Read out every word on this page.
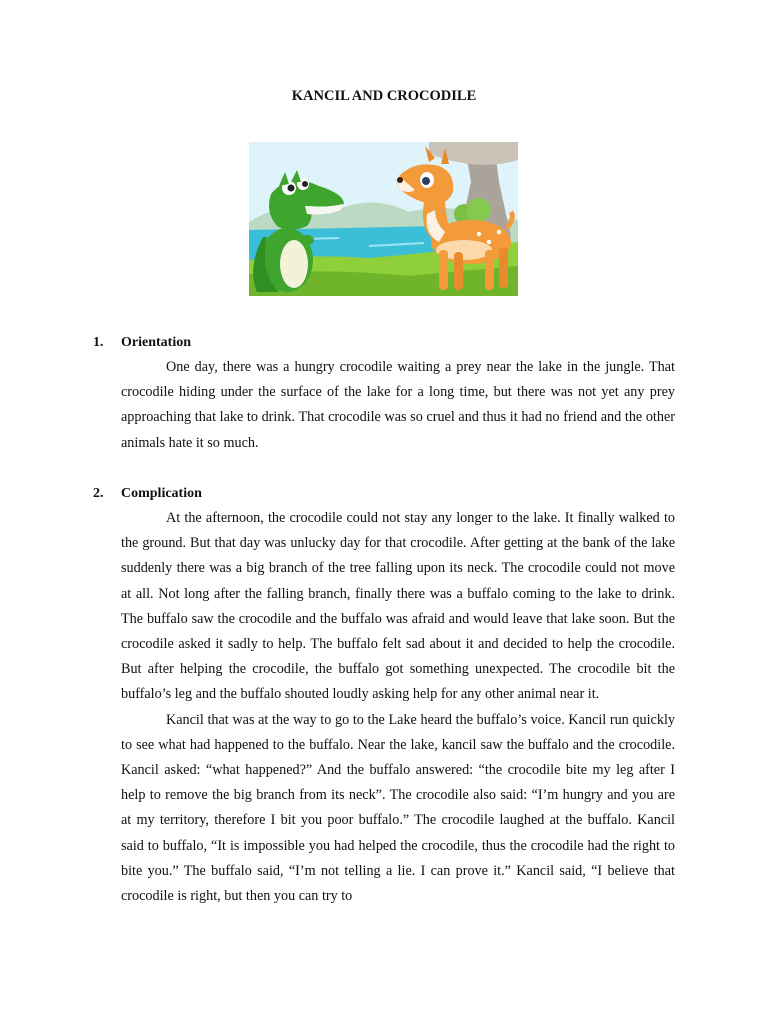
KANCIL AND CROCODILE
1. Orientation

One day, there was a hungry crocodile waiting a prey near the lake in the jungle. That crocodile hiding under the surface of the lake for a long time, but there was not yet any prey approaching that lake to drink. That crocodile was so cruel and thus it had no friend and the other animals hate it so much.

2. Complication

At the afternoon, the crocodile could not stay any longer to the lake. It finally walked to the ground. But that day was unlucky day for that crocodile. After getting at the bank of the lake suddenly there was a big branch of the tree falling upon its neck. The crocodile could not move at all. Not long after the falling branch, finally there was a buffalo coming to the lake to drink. The buffalo saw the crocodile and the buffalo was afraid and would leave that lake soon. But the crocodile asked it sadly to help. The buffalo felt sad about it and decided to help the crocodile. But after helping the crocodile, the buffalo got something unexpected. The crocodile bit the buffalo’s leg and the buffalo shouted loudly asking help for any other animal near it.

Kancil that was at the way to go to the Lake heard the buffalo’s voice. Kancil run quickly to see what had happened to the buffalo. Near the lake, kancil saw the buffalo and the crocodile. Kancil asked: “what happened?” And the buffalo answered: “the crocodile bite my leg after I help to remove the big branch from its neck”. The crocodile also said: “I’m hungry and you are at my territory, therefore I bit you poor buffalo.” The crocodile laughed at the buffalo. Kancil said to buffalo, “It is impossible you had helped the crocodile, thus the crocodile had the right to bite you.” The buffalo said, “I’m not telling a lie. I can prove it.” Kancil said, “I believe that crocodile is right, but then you can try to
